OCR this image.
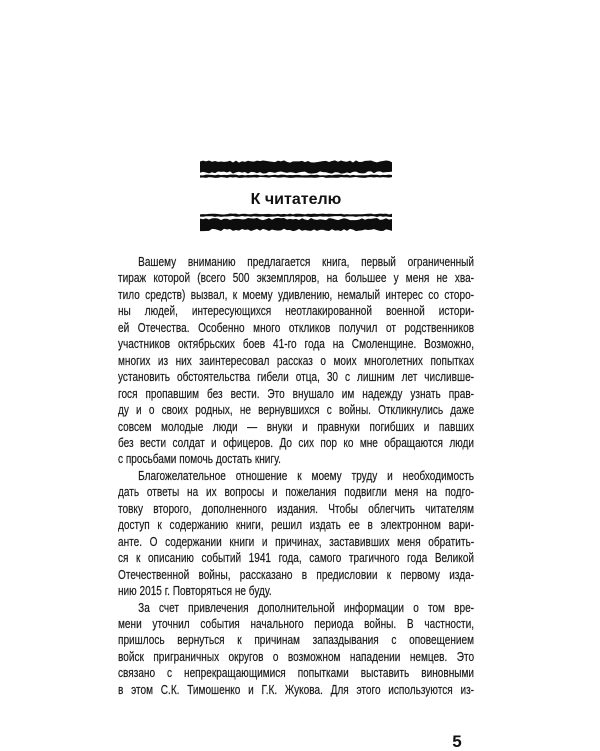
К читателю
Вашему вниманию предлагается книга, первый ограниченный
тираж которой (всего 500 экземпляров, на большее у меня не хва-
тило средств) вызвал, к моему удивлению, немалый интерес со сторо-
ны людей, интересующихся неотлакированной военной истори-
ей Отечества. Особенно много откликов получил от родственников
участников октябрьских боев 41-го года на Смоленщине. Возможно,
многих из них заинтересовал рассказ о моих многолетних попытках
установить обстоятельства гибели отца, 30 с лишним лет числивше-
гося пропавшим без вести. Это внушало им надежду узнать прав-
ду и о своих родных, не вернувшихся с войны. Откликнулись даже
совсем молодые люди — внуки и правнуки погибших и павших
без вести солдат и офицеров. До сих пор ко мне обращаются люди
с просьбами помочь достать книгу.
Благожелательное отношение к моему труду и необходимость
дать ответы на их вопросы и пожелания подвигли меня на подго-
товку второго, дополненного издания. Чтобы облегчить читателям
доступ к содержанию книги, решил издать ее в электронном вари-
анте. О содержании книги и причинах, заставивших меня обратить-
ся к описанию событий 1941 года, самого трагичного года Великой
Отечественной войны, рассказано в предисловии к первому изда-
нию 2015 г. Повторяться не буду.
За счет привлечения дополнительной информации о том вре-
мени уточнил события начального периода войны. В частности,
пришлось вернуться к причинам запаздывания с оповещением
войск приграничных округов о возможном нападении немцев. Это
связано с непрекращающимися попытками выставить виновными
в этом С.К. Тимошенко и Г.К. Жукова. Для этого используются из-
5
